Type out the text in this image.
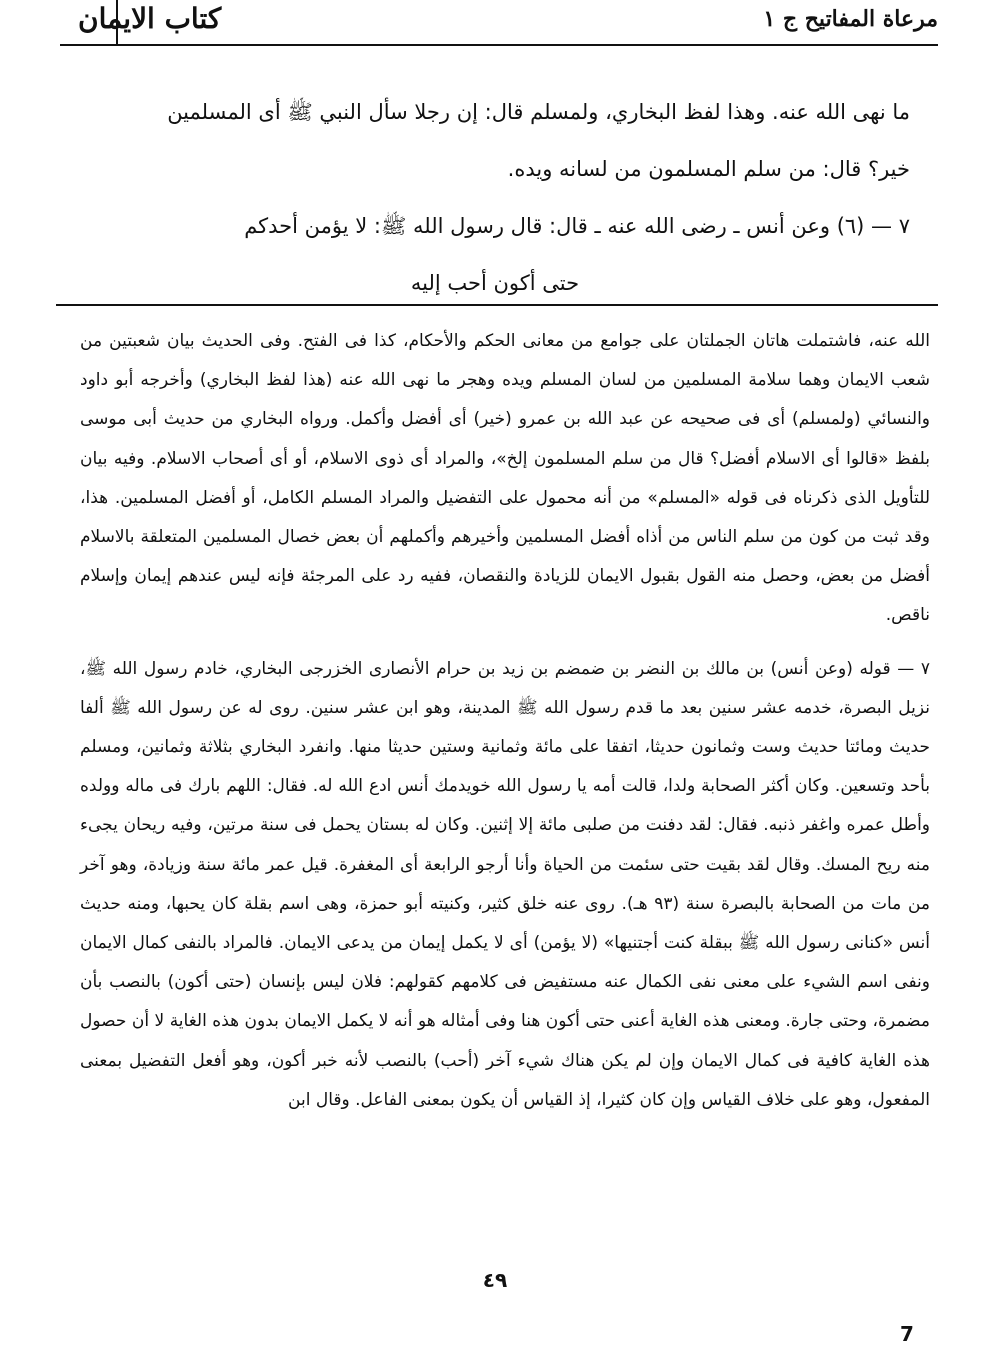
مرعاة المفاتيح ج ١
كتاب الايمان

ما نهى الله عنه. وهذا لفظ البخاري، ولمسلم قال: إن رجلا سأل النبي ﷺ أى المسلمين

خير؟ قال: من سلم المسلمون من لسانه ويده.

٧ — (٦) وعن أنس ـ رضى الله عنه ـ قال: قال رسول الله ﷺ: لا يؤمن أحدكم

حتى أكون أحب إليه

الله عنه، فاشتملت هاتان الجملتان على جوامع من معانى الحكم والأحكام، كذا فى الفتح. وفى الحديث بيان شعبتين من شعب الايمان وهما سلامة المسلمين من لسان المسلم ويده وهجر ما نهى الله عنه (هذا لفظ البخاري) وأخرجه أبو داود والنسائي (ولمسلم) أى فى صحيحه عن عبد الله بن عمرو (خير) أى أفضل وأكمل. ورواه البخاري من حديث أبى موسى بلفظ «قالوا أى الاسلام أفضل؟ قال من سلم المسلمون إلخ»، والمراد أى ذوى الاسلام، أو أى أصحاب الاسلام. وفيه بيان للتأويل الذى ذكرناه فى قوله «المسلم» من أنه محمول على التفضيل والمراد المسلم الكامل، أو أفضل المسلمين. هذا، وقد ثبت من كون من سلم الناس من أذاه أفضل المسلمين وأخيرهم وأكملهم أن بعض خصال المسلمين المتعلقة بالاسلام أفضل من بعض، وحصل منه القول بقبول الايمان للزيادة والنقصان، ففيه رد على المرجئة فإنه ليس عندهم إيمان وإسلام ناقص.

٧ — قوله (وعن أنس) بن مالك بن النضر بن ضمضم بن زيد بن حرام الأنصارى الخزرجى البخاري، خادم رسول الله ﷺ، نزيل البصرة، خدمه عشر سنين بعد ما قدم رسول الله ﷺ المدينة، وهو ابن عشر سنين. روى له عن رسول الله ﷺ ألفا حديث ومائتا حديث وست وثمانون حديثا، اتفقا على مائة وثمانية وستين حديثا منها. وانفرد البخاري بثلاثة وثمانين، ومسلم بأحد وتسعين. وكان أكثر الصحابة ولدا، قالت أمه يا رسول الله خويدمك أنس ادع الله له. فقال: اللهم بارك فى ماله وولده وأطل عمره واغفر ذنبه. فقال: لقد دفنت من صلبى مائة إلا إثنين. وكان له بستان يحمل فى سنة مرتين، وفيه ريحان يجىء منه ريح المسك. وقال لقد بقيت حتى سئمت من الحياة وأنا أرجو الرابعة أى المغفرة. قيل عمر مائة سنة وزيادة، وهو آخر من مات من الصحابة بالبصرة سنة (٩٣ هـ). روى عنه خلق كثير، وكنيته أبو حمزة، وهى اسم بقلة كان يحبها، ومنه حديث أنس «كنانى رسول الله ﷺ ببقلة كنت أجتنيها» (لا يؤمن) أى لا يكمل إيمان من يدعى الايمان. فالمراد بالنفى كمال الايمان ونفى اسم الشيء على معنى نفى الكمال عنه مستفيض فى كلامهم كقولهم: فلان ليس بإنسان (حتى أكون) بالنصب بأن مضمرة، وحتى جارة. ومعنى هذه الغاية أعنى حتى أكون هنا وفى أمثاله هو أنه لا يكمل الايمان بدون هذه الغاية لا أن حصول هذه الغاية كافية فى كمال الايمان وإن لم يكن هناك شيء آخر (أحب) بالنصب لأنه خبر أكون، وهو أفعل التفضيل بمعنى المفعول، وهو على خلاف القياس وإن كان كثيرا، إذ القياس أن يكون بمعنى الفاعل. وقال ابن

٤٩
7
